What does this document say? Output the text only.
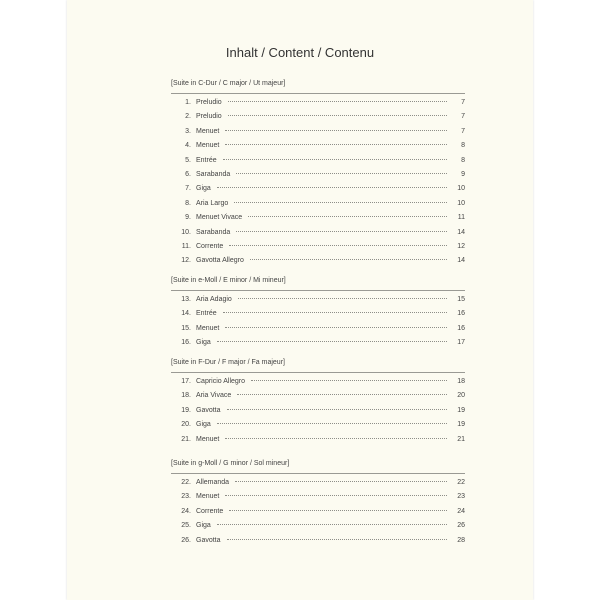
Inhalt / Content / Contenu
[Suite in C-Dur / C major / Ut majeur]
1. Preludio	7
2. Preludio	7
3. Menuet	7
4. Menuet	8
5. Entrée	8
6. Sarabanda	9
7. Giga	10
8. Aria Largo	10
9. Menuet Vivace	11
10. Sarabanda	14
11. Corrente	12
12. Gavotta Allegro	14
[Suite in e-Moll / E minor / Mi mineur]
13. Aria Adagio	15
14. Entrée	16
15. Menuet	16
16. Giga	17
[Suite in F-Dur / F major / Fa majeur]
17. Capricio Allegro	18
18. Aria Vivace	20
19. Gavotta	19
20. Giga	19
21. Menuet	21
[Suite in g-Moll / G minor / Sol mineur]
22. Allemanda	22
23. Menuet	23
24. Corrente	24
25. Giga	26
26. Gavotta	28
